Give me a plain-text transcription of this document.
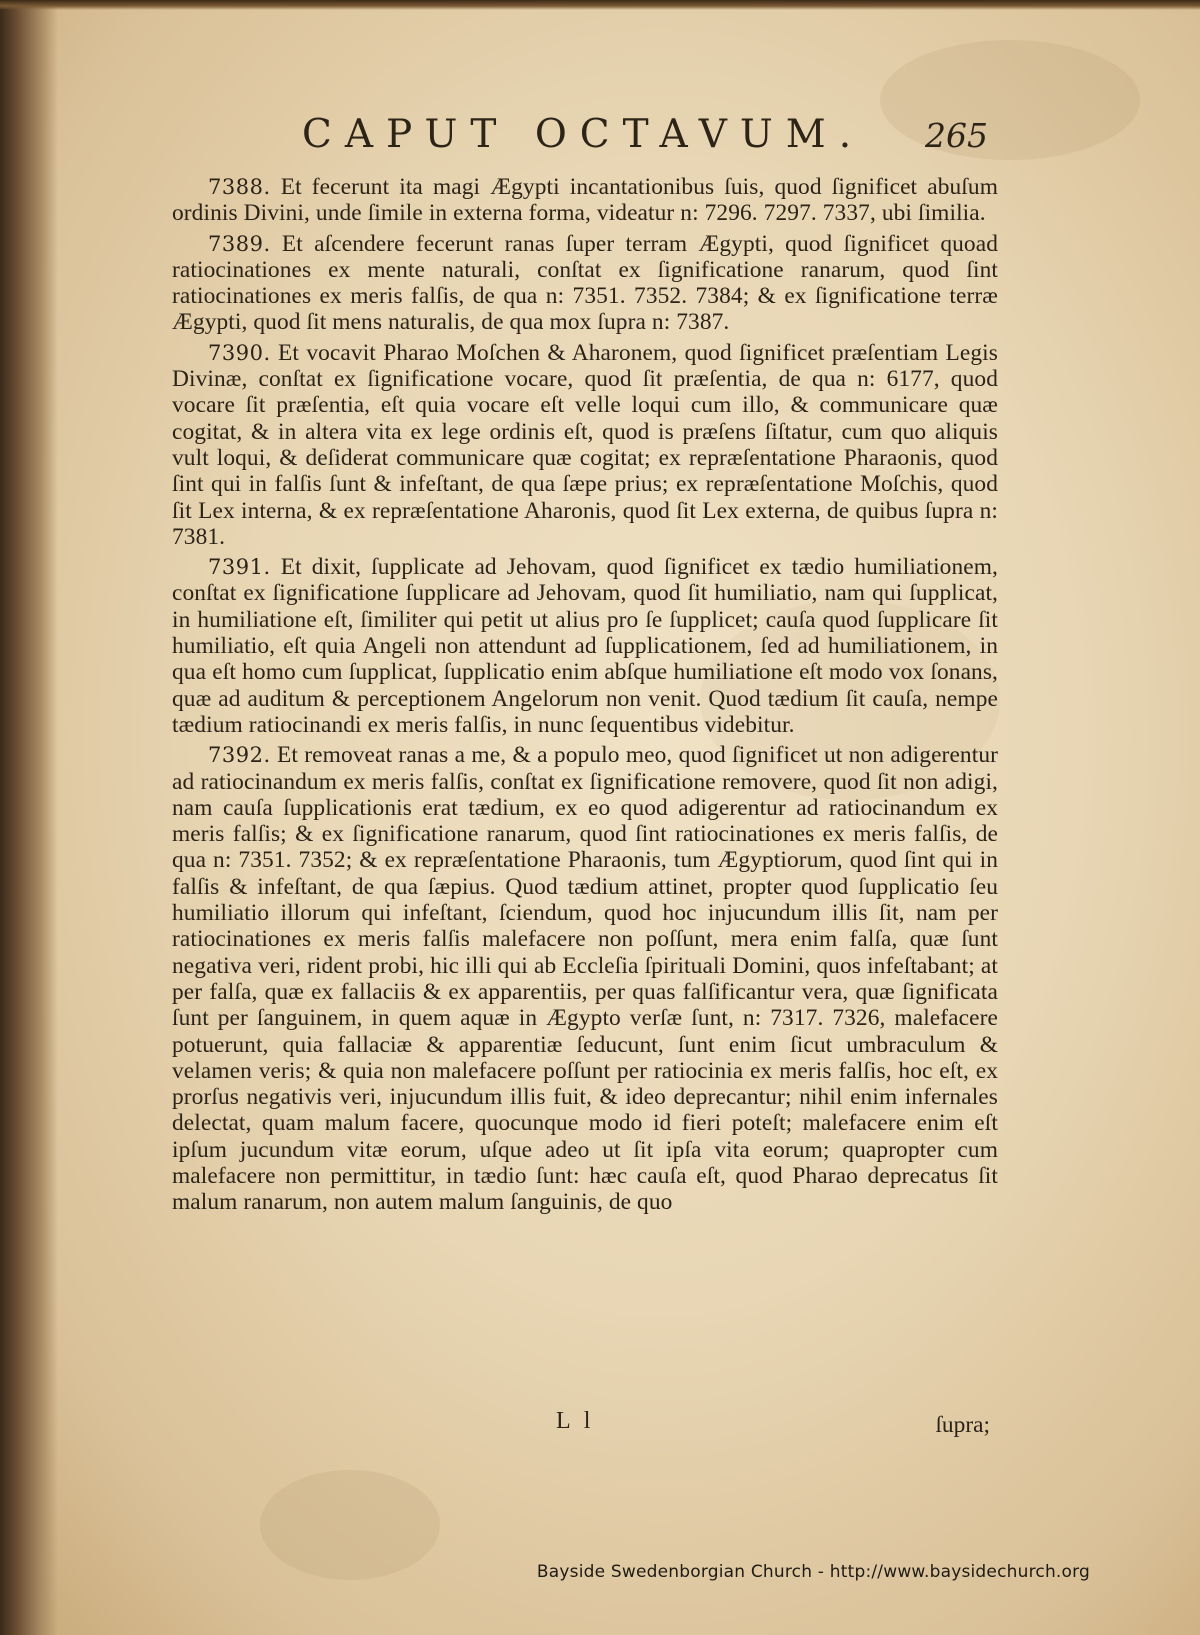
CAPUT OCTAVUM. 265

7388. Et fecerunt ita magi Ægypti incantationibus ſuis, quod ſignificet abuſum ordinis Divini, unde ſimile in externa forma, videatur n: 7296. 7297. 7337, ubi ſimilia.

7389. Et aſcendere fecerunt ranas ſuper terram Ægypti, quod ſignificet quoad ratiocinationes ex mente naturali, conſtat ex ſignificatione ranarum, quod ſint ratiocinationes ex meris falſis, de qua n: 7351. 7352. 7384; & ex ſignificatione terræ Ægypti, quod ſit mens naturalis, de qua mox ſupra n: 7387.

7390. Et vocavit Pharao Moſchen & Aharonem, quod ſignificet præſentiam Legis Divinæ, conſtat ex ſignificatione vocare, quod ſit præſentia, de qua n: 6177, quod vocare ſit præſentia, eſt quia vocare eſt velle loqui cum illo, & communicare quæ cogitat, & in altera vita ex lege ordinis eſt, quod is præſens ſiſtatur, cum quo aliquis vult loqui, & deſiderat communicare quæ cogitat; ex repræſentatione Pharaonis, quod ſint qui in falſis ſunt & infeſtant, de qua ſæpe prius; ex repræſentatione Moſchis, quod ſit Lex interna, & ex repræſentatione Aharonis, quod ſit Lex externa, de quibus ſupra n: 7381.

7391. Et dixit, ſupplicate ad Jehovam, quod ſignificet ex tædio humiliationem, conſtat ex ſignificatione ſupplicare ad Jehovam, quod ſit humiliatio, nam qui ſupplicat, in humiliatione eſt, ſimiliter qui petit ut alius pro ſe ſupplicet; cauſa quod ſupplicare ſit humiliatio, eſt quia Angeli non attendunt ad ſupplicationem, ſed ad humiliationem, in qua eſt homo cum ſupplicat, ſupplicatio enim abſque humiliatione eſt modo vox ſonans, quæ ad auditum & perceptionem Angelorum non venit. Quod tædium ſit cauſa, nempe tædium ratiocinandi ex meris falſis, in nunc ſequentibus videbitur.

7392. Et removeat ranas a me, & a populo meo, quod ſignificet ut non adigerentur ad ratiocinandum ex meris falſis, conſtat ex ſignificatione removere, quod ſit non adigi, nam cauſa ſupplicationis erat tædium, ex eo quod adigerentur ad ratiocinandum ex meris falſis; & ex ſignificatione ranarum, quod ſint ratiocinationes ex meris falſis, de qua n: 7351. 7352; & ex repræſentatione Pharaonis, tum Ægyptiorum, quod ſint qui in falſis & infeſtant, de qua ſæpius. Quod tædium attinet, propter quod ſupplicatio ſeu humiliatio illorum qui infeſtant, ſciendum, quod hoc injucundum illis ſit, nam per ratiocinationes ex meris falſis malefacere non poſſunt, mera enim falſa, quæ ſunt negativa veri, rident probi, hic illi qui ab Eccleſia ſpirituali Domini, quos infeſtabant; at per falſa, quæ ex fallaciis & ex apparentiis, per quas falſificantur vera, quæ ſignificata ſunt per ſanguinem, in quem aquæ in Ægypto verſæ ſunt, n: 7317. 7326, malefacere potuerunt, quia fallaciæ & apparentiæ ſeducunt, ſunt enim ſicut umbraculum & velamen veris; & quia non malefacere poſſunt per ratiocinia ex meris falſis, hoc eſt, ex prorſus negativis veri, injucundum illis fuit, & ideo deprecantur; nihil enim infernales delectat, quam malum facere, quocunque modo id fieri poteſt; malefacere enim eſt ipſum jucundum vitæ eorum, uſque adeo ut ſit ipſa vita eorum; quapropter cum malefacere non permittitur, in tædio ſunt: hæc cauſa eſt, quod Pharao deprecatus ſit malum ranarum, non autem malum ſanguinis, de quo

L l	ſupra;
Bayside Swedenborgian Church - http://www.baysidechurch.org
